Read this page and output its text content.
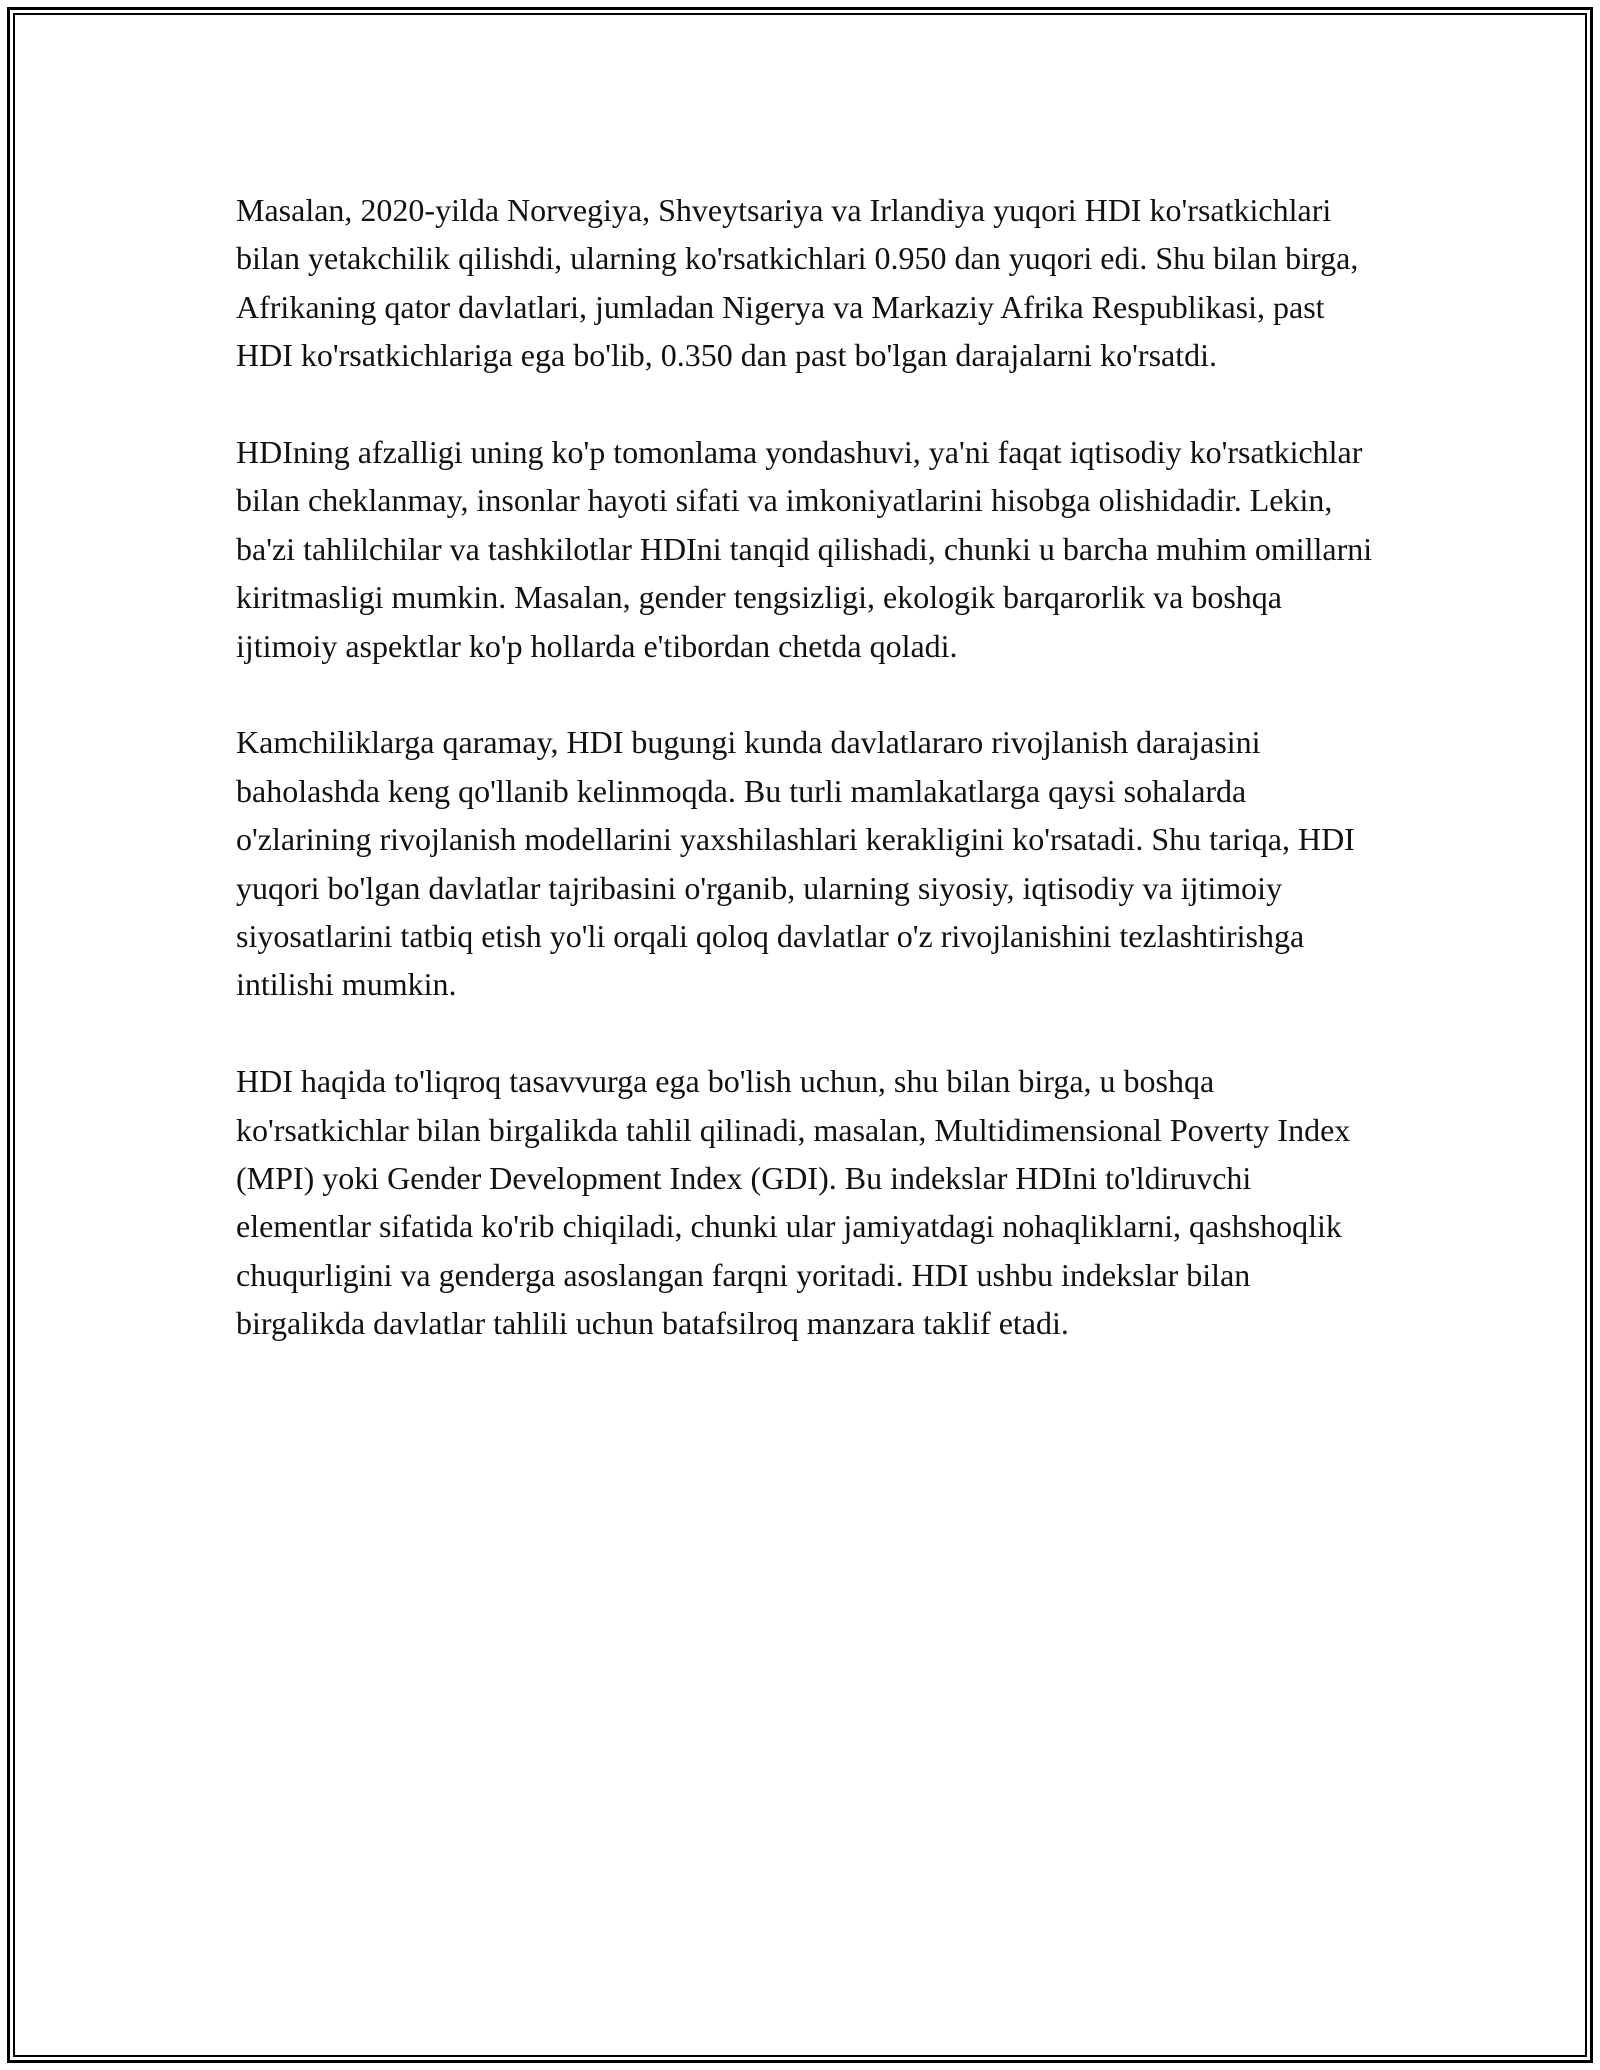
Masalan, 2020-yilda Norvegiya, Shveytsariya va Irlandiya yuqori HDI ko'rsatkichlari bilan yetakchilik qilishdi, ularning ko'rsatkichlari 0.950 dan yuqori edi. Shu bilan birga, Afrikaning qator davlatlari, jumladan Nigerya va Markaziy Afrika Respublikasi, past HDI ko'rsatkichlariga ega bo'lib, 0.350 dan past bo'lgan darajalarni ko'rsatdi.

HDIning afzalligi uning ko'p tomonlama yondashuvi, ya'ni faqat iqtisodiy ko'rsatkichlar bilan cheklanmay, insonlar hayoti sifati va imkoniyatlarini hisobga olishidadir. Lekin, ba'zi tahlilchilar va tashkilotlar HDIni tanqid qilishadi, chunki u barcha muhim omillarni kiritmasligi mumkin. Masalan, gender tengsizligi, ekologik barqarorlik va boshqa ijtimoiy aspektlar ko'p hollarda e'tibordan chetda qoladi.

Kamchiliklarga qaramay, HDI bugungi kunda davlatlararo rivojlanish darajasini baholashda keng qo'llanib kelinmoqda. Bu turli mamlakatlarga qaysi sohalarda o'zlarining rivojlanish modellarini yaxshilashlari kerakligini ko'rsatadi. Shu tariqa, HDI yuqori bo'lgan davlatlar tajribasini o'rganib, ularning siyosiy, iqtisodiy va ijtimoiy siyosatlarini tatbiq etish yo'li orqali qoloq davlatlar o'z rivojlanishini tezlashtirishga intilishi mumkin.

HDI haqida to'liqroq tasavvurga ega bo'lish uchun, shu bilan birga, u boshqa ko'rsatkichlar bilan birgalikda tahlil qilinadi, masalan, Multidimensional Poverty Index (MPI) yoki Gender Development Index (GDI). Bu indekslar HDIni to'ldiruvchi elementlar sifatida ko'rib chiqiladi, chunki ular jamiyatdagi nohaqliklarni, qashshoqlik chuqurligini va genderga asoslangan farqni yoritadi. HDI ushbu indekslar bilan birgalikda davlatlar tahlili uchun batafsilroq manzara taklif etadi.
